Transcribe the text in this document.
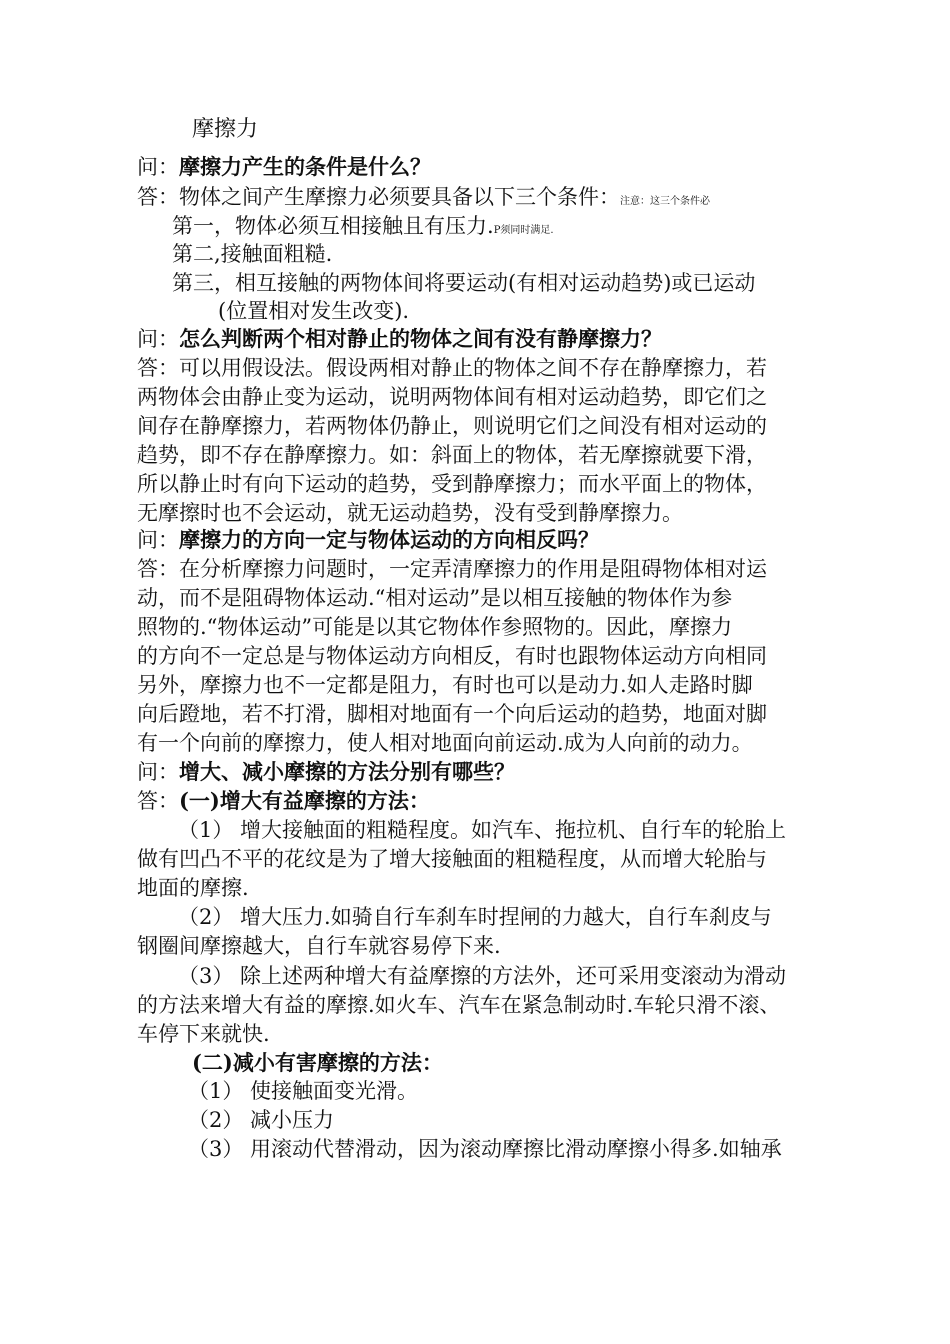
摩擦力
问：摩擦力产生的条件是什么？
答：物体之间产生摩擦力必须要具备以下三个条件：注意：这三个条件必
第一，物体必须互相接触且有压力.P须同时满足.
第二,接触面粗糙.
第三，相互接触的两物体间将要运动(有相对运动趋势)或已运动
(位置相对发生改变).
问：怎么判断两个相对静止的物体之间有没有静摩擦力？
答：可以用假设法。假设两相对静止的物体之间不存在静摩擦力，若
两物体会由静止变为运动，说明两物体间有相对运动趋势，即它们之
间存在静摩擦力，若两物体仍静止，则说明它们之间没有相对运动的
趋势，即不存在静摩擦力。如：斜面上的物体，若无摩擦就要下滑，
所以静止时有向下运动的趋势，受到静摩擦力；而水平面上的物体，
无摩擦时也不会运动，就无运动趋势，没有受到静摩擦力。
问：摩擦力的方向一定与物体运动的方向相反吗？
答：在分析摩擦力问题时，一定弄清摩擦力的作用是阻碍物体相对运
动，而不是阻碍物体运动.“相对运动”是以相互接触的物体作为参
照物的.“物体运动”可能是以其它物体作参照物的。因此，摩擦力
的方向不一定总是与物体运动方向相反，有时也跟物体运动方向相同
另外，摩擦力也不一定都是阻力，有时也可以是动力.如人走路时脚
向后蹬地，若不打滑，脚相对地面有一个向后运动的趋势，地面对脚
有一个向前的摩擦力，使人相对地面向前运动.成为人向前的动力。
问：增大、减小摩擦的方法分别有哪些？
答：(一)增大有益摩擦的方法：
（1） 增大接触面的粗糙程度。如汽车、拖拉机、自行车的轮胎上
做有凹凸不平的花纹是为了增大接触面的粗糙程度，从而增大轮胎与
地面的摩擦.
（2） 增大压力.如骑自行车刹车时捏闸的力越大，自行车刹皮与
钢圈间摩擦越大，自行车就容易停下来.
（3） 除上述两种增大有益摩擦的方法外，还可采用变滚动为滑动
的方法来增大有益的摩擦.如火车、汽车在紧急制动时.车轮只滑不滚、
车停下来就快.
(二)减小有害摩擦的方法：
（1） 使接触面变光滑。
（2） 减小压力
（3） 用滚动代替滑动，因为滚动摩擦比滑动摩擦小得多.如轴承
